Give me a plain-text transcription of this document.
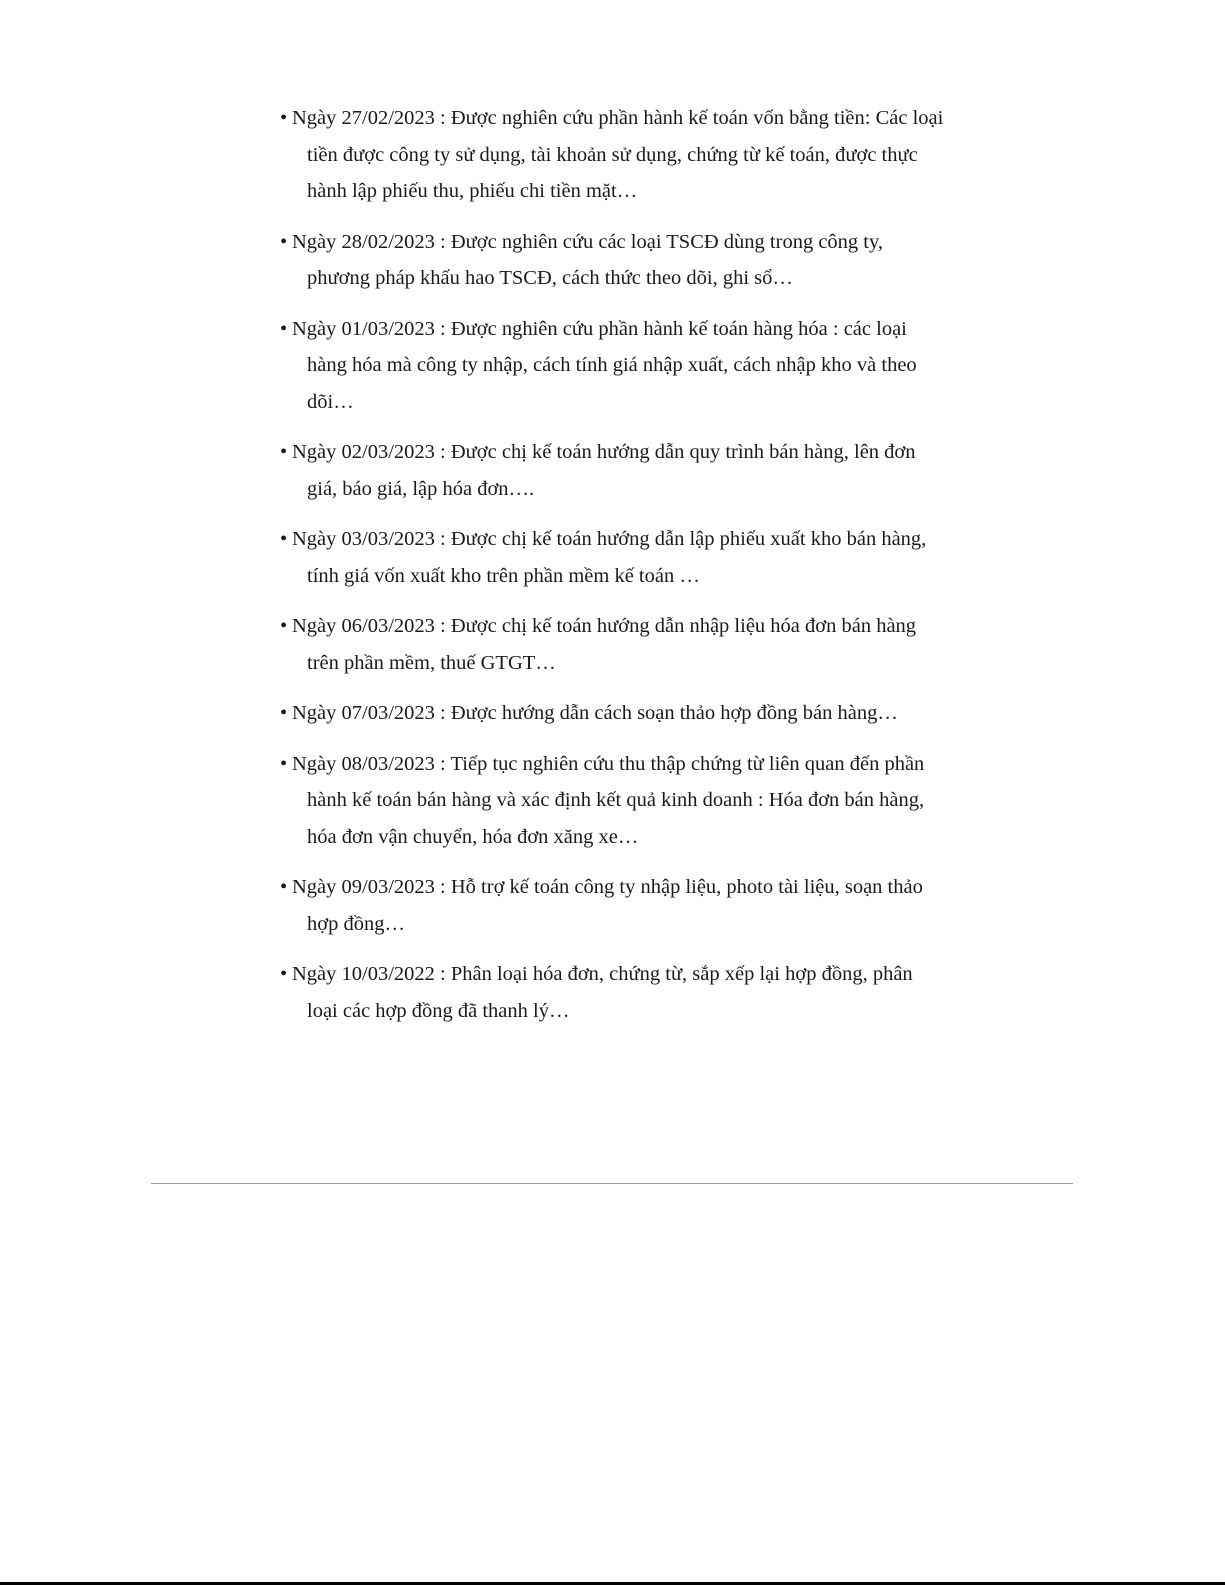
• Ngày 27/02/2023 : Được nghiên cứu phần hành kế toán vốn bằng tiền: Các loại tiền được công ty sử dụng, tài khoản sử dụng, chứng từ kế toán, được thực hành lập phiếu thu, phiếu chi tiền mặt…
• Ngày 28/02/2023 : Được nghiên cứu các loại TSCĐ dùng trong công ty, phương pháp khấu hao TSCĐ, cách thức theo dõi, ghi sổ…
• Ngày 01/03/2023 : Được nghiên cứu phần hành kế toán hàng hóa : các loại hàng hóa mà công ty nhập, cách tính giá nhập xuất, cách nhập kho và theo dõi…
• Ngày 02/03/2023 : Được chị kế toán hướng dẫn quy trình bán hàng, lên đơn giá, báo giá, lập hóa đơn….
• Ngày 03/03/2023 : Được chị kế toán hướng dẫn lập phiếu xuất kho bán hàng, tính giá vốn xuất kho trên phần mềm kế toán …
• Ngày 06/03/2023 : Được chị kế toán hướng dẫn nhập liệu hóa đơn bán hàng trên phần mềm, thuế GTGT…
• Ngày 07/03/2023 : Được hướng dẫn cách soạn thảo hợp đồng bán hàng…
• Ngày 08/03/2023 : Tiếp tục nghiên cứu thu thập chứng từ liên quan đến phần hành kế toán bán hàng và xác định kết quả kinh doanh : Hóa đơn bán hàng, hóa đơn vận chuyển, hóa đơn xăng xe…
• Ngày 09/03/2023 : Hỗ trợ kế toán công ty nhập liệu, photo tài liệu, soạn thảo hợp đồng…
• Ngày 10/03/2022 : Phân loại hóa đơn, chứng từ, sắp xếp lại hợp đồng, phân loại các hợp đồng đã thanh lý…
